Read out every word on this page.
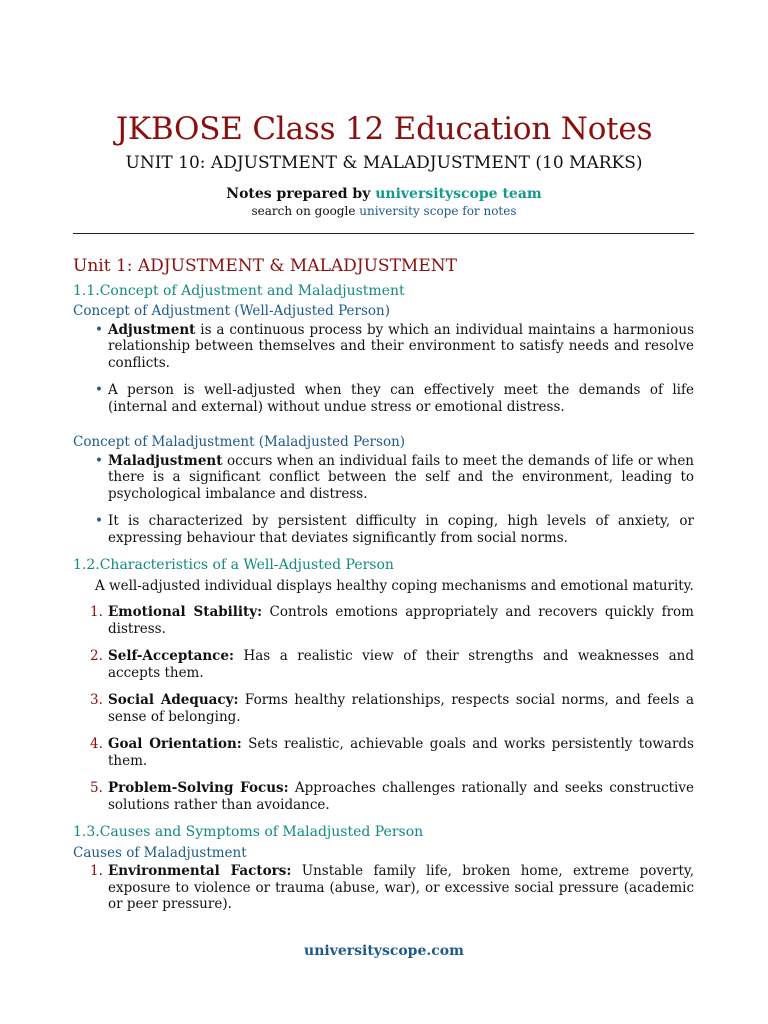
JKBOSE Class 12 Education Notes
UNIT 10: ADJUSTMENT & MALADJUSTMENT (10 MARKS)
Notes prepared by universityscope team
search on google university scope for notes
Unit 1: ADJUSTMENT & MALADJUSTMENT
1.1.Concept of Adjustment and Maladjustment
Concept of Adjustment (Well-Adjusted Person)
• Adjustment is a continuous process by which an individual maintains a harmonious relationship between themselves and their environment to satisfy needs and resolve conflicts.
• A person is well-adjusted when they can effectively meet the demands of life (internal and external) without undue stress or emotional distress.
Concept of Maladjustment (Maladjusted Person)
• Maladjustment occurs when an individual fails to meet the demands of life or when there is a significant conflict between the self and the environment, leading to psychological imbalance and distress.
• It is characterized by persistent difficulty in coping, high levels of anxiety, or expressing behaviour that deviates significantly from social norms.
1.2.Characteristics of a Well-Adjusted Person

A well-adjusted individual displays healthy coping mechanisms and emotional maturity.

1. Emotional Stability: Controls emotions appropriately and recovers quickly from distress.
2. Self-Acceptance: Has a realistic view of their strengths and weaknesses and accepts them.
3. Social Adequacy: Forms healthy relationships, respects social norms, and feels a sense of belonging.
4. Goal Orientation: Sets realistic, achievable goals and works persistently towards them.
5. Problem-Solving Focus: Approaches challenges rationally and seeks constructive solutions rather than avoidance.
1.3.Causes and Symptoms of Maladjusted Person
Causes of Maladjustment
1. Environmental Factors: Unstable family life, broken home, extreme poverty, exposure to violence or trauma (abuse, war), or excessive social pressure (academic or peer pressure).
universityscope.com
